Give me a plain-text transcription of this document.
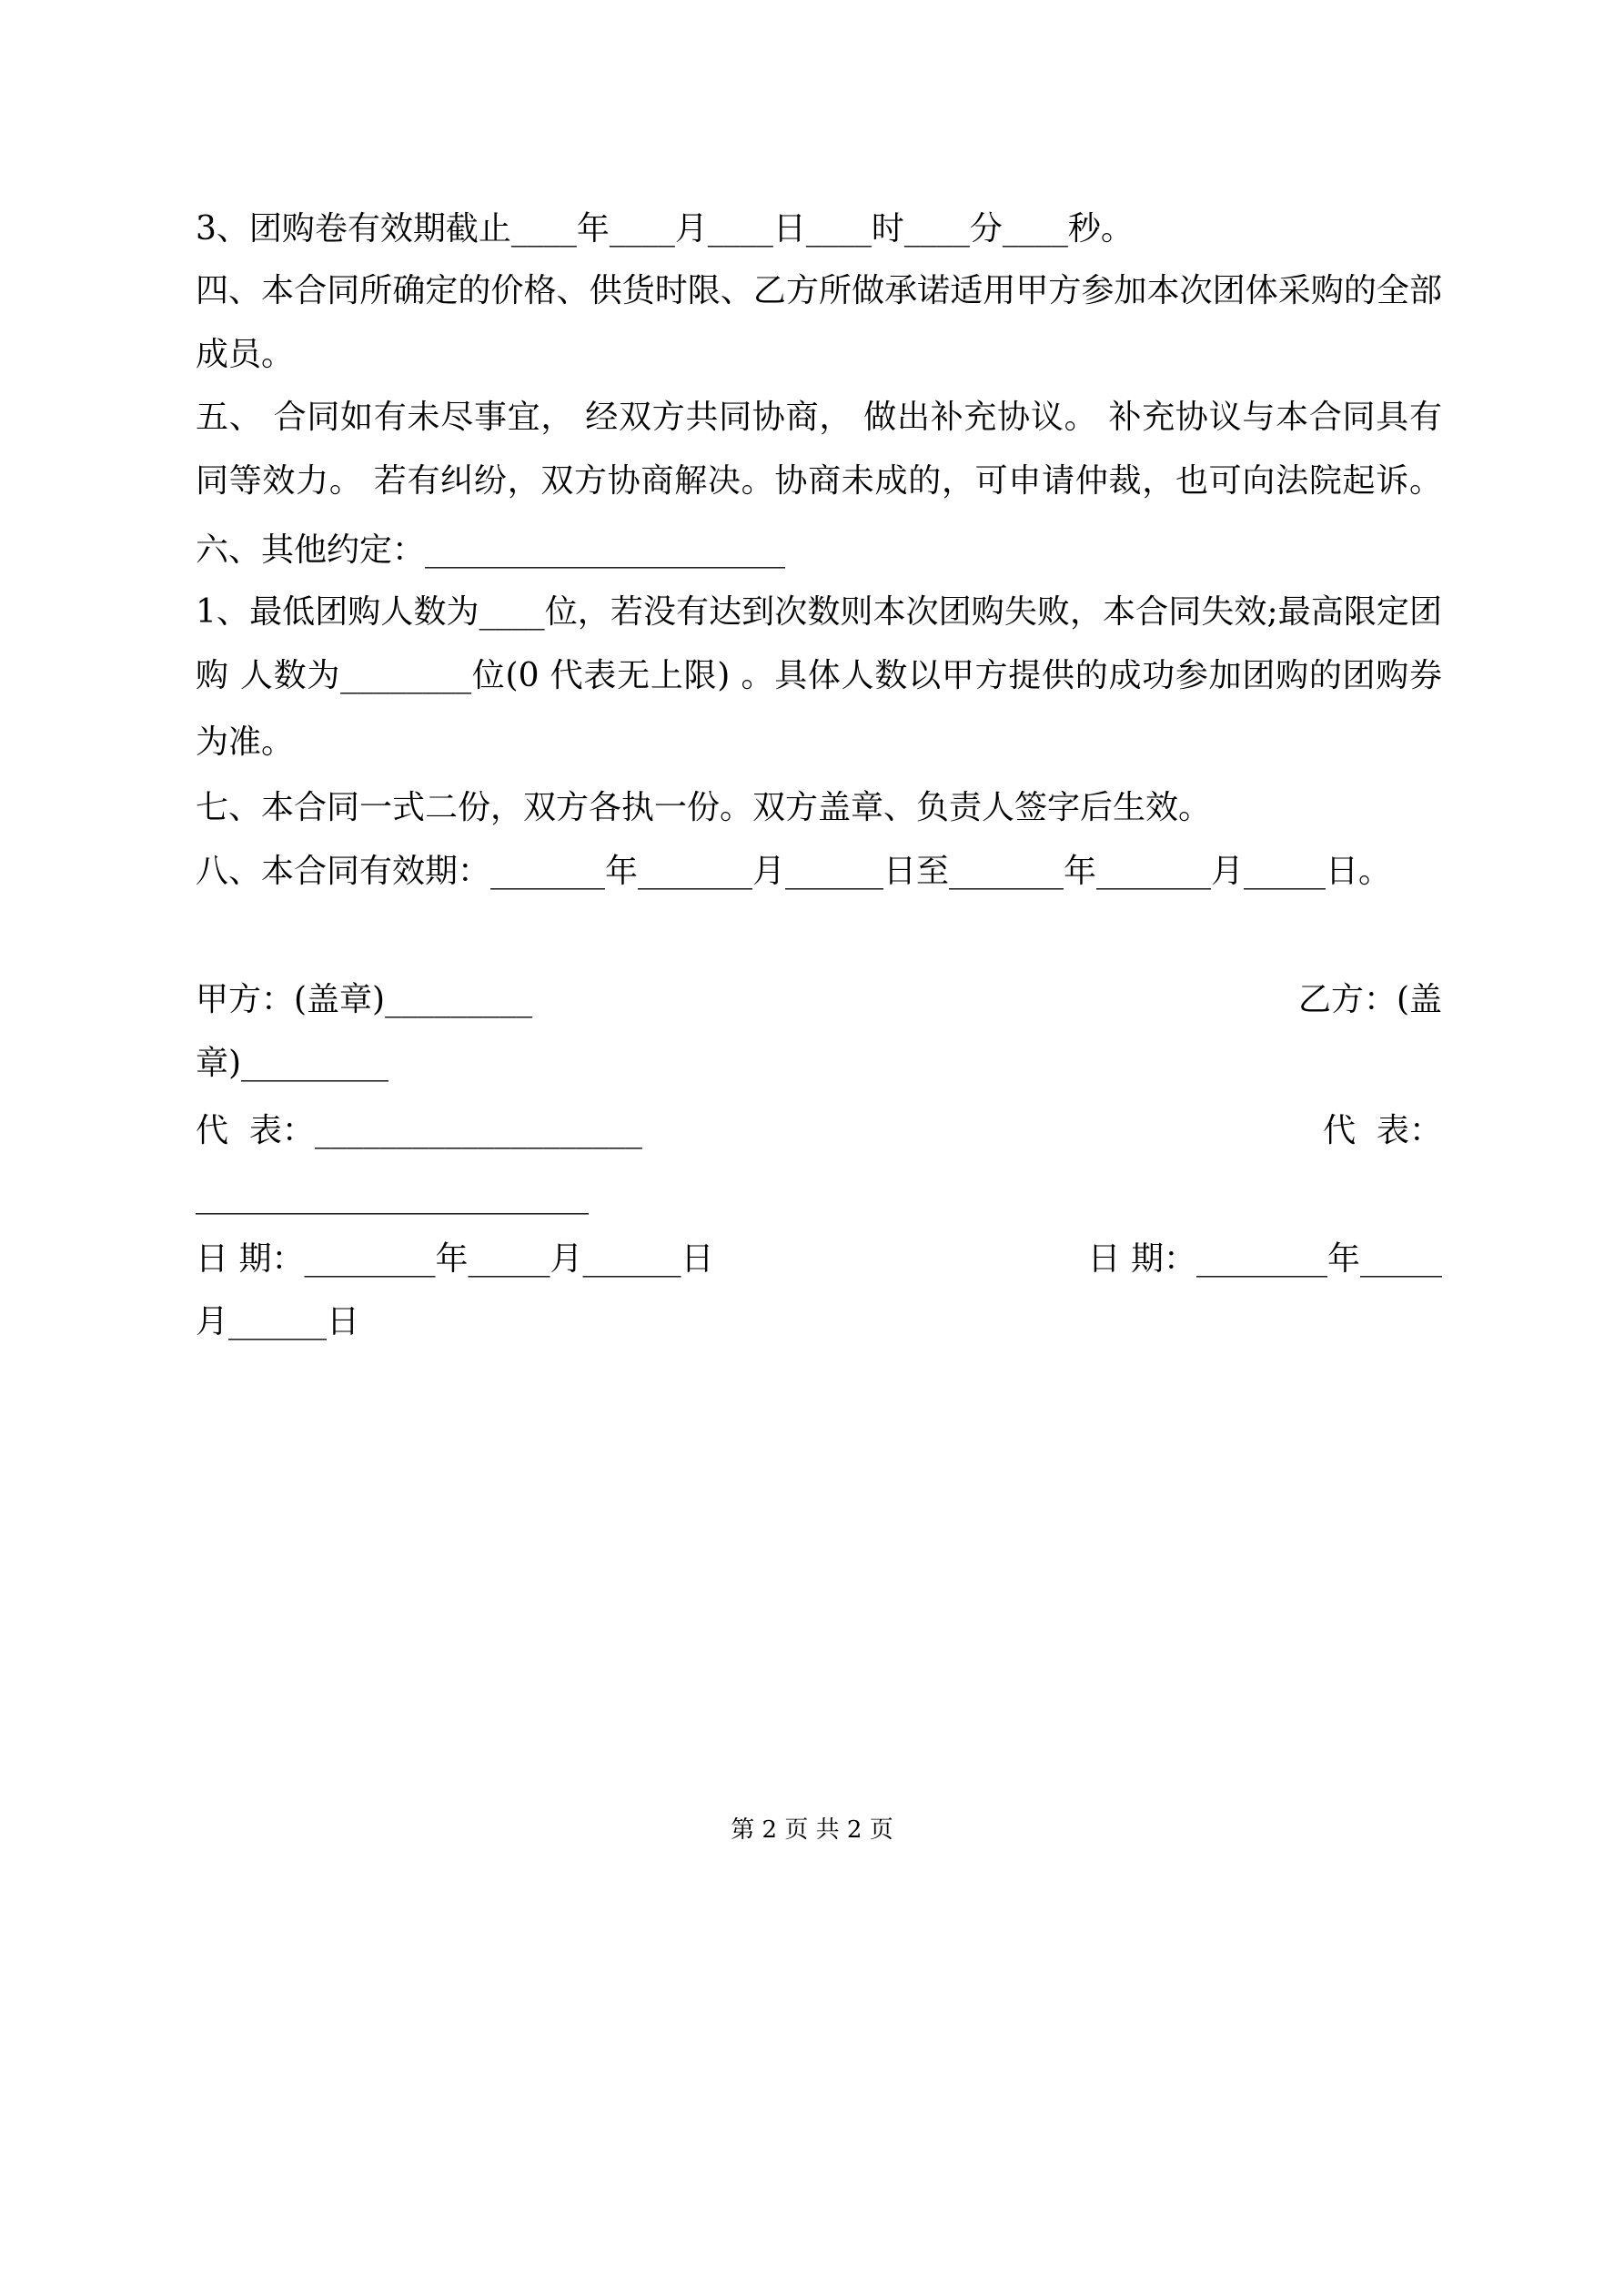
3、团购卷有效期截止____年____月____日____时____分____秒。
四、本合同所确定的价格、供货时限、乙方所做承诺适用甲方参加本次团体采购的全部
成员。
五、 合同如有未尽事宜， 经双方共同协商， 做出补充协议。 补充协议与本合同具有
同等效力。 若有纠纷，双方协商解决。协商未成的，可申请仲裁，也可向法院起诉。
六、其他约定：______________________
1、最低团购人数为____位，若没有达到次数则本次团购失败，本合同失效;最高限定团
购 人数为________位(0 代表无上限) 。具体人数以甲方提供的成功参加团购的团购券
为准。
七、本合同一式二份，双方各执一份。双方盖章、负责人签字后生效。
八、本合同有效期：_______年_______月______日至_______年_______月_____日。
甲方：(盖章)_________	乙方：(盖
章)_________
代  表：____________________	代  表：
________________________
日 期：________年_____月______日	日 期：________年_____
月______日
第 2 页 共 2 页
